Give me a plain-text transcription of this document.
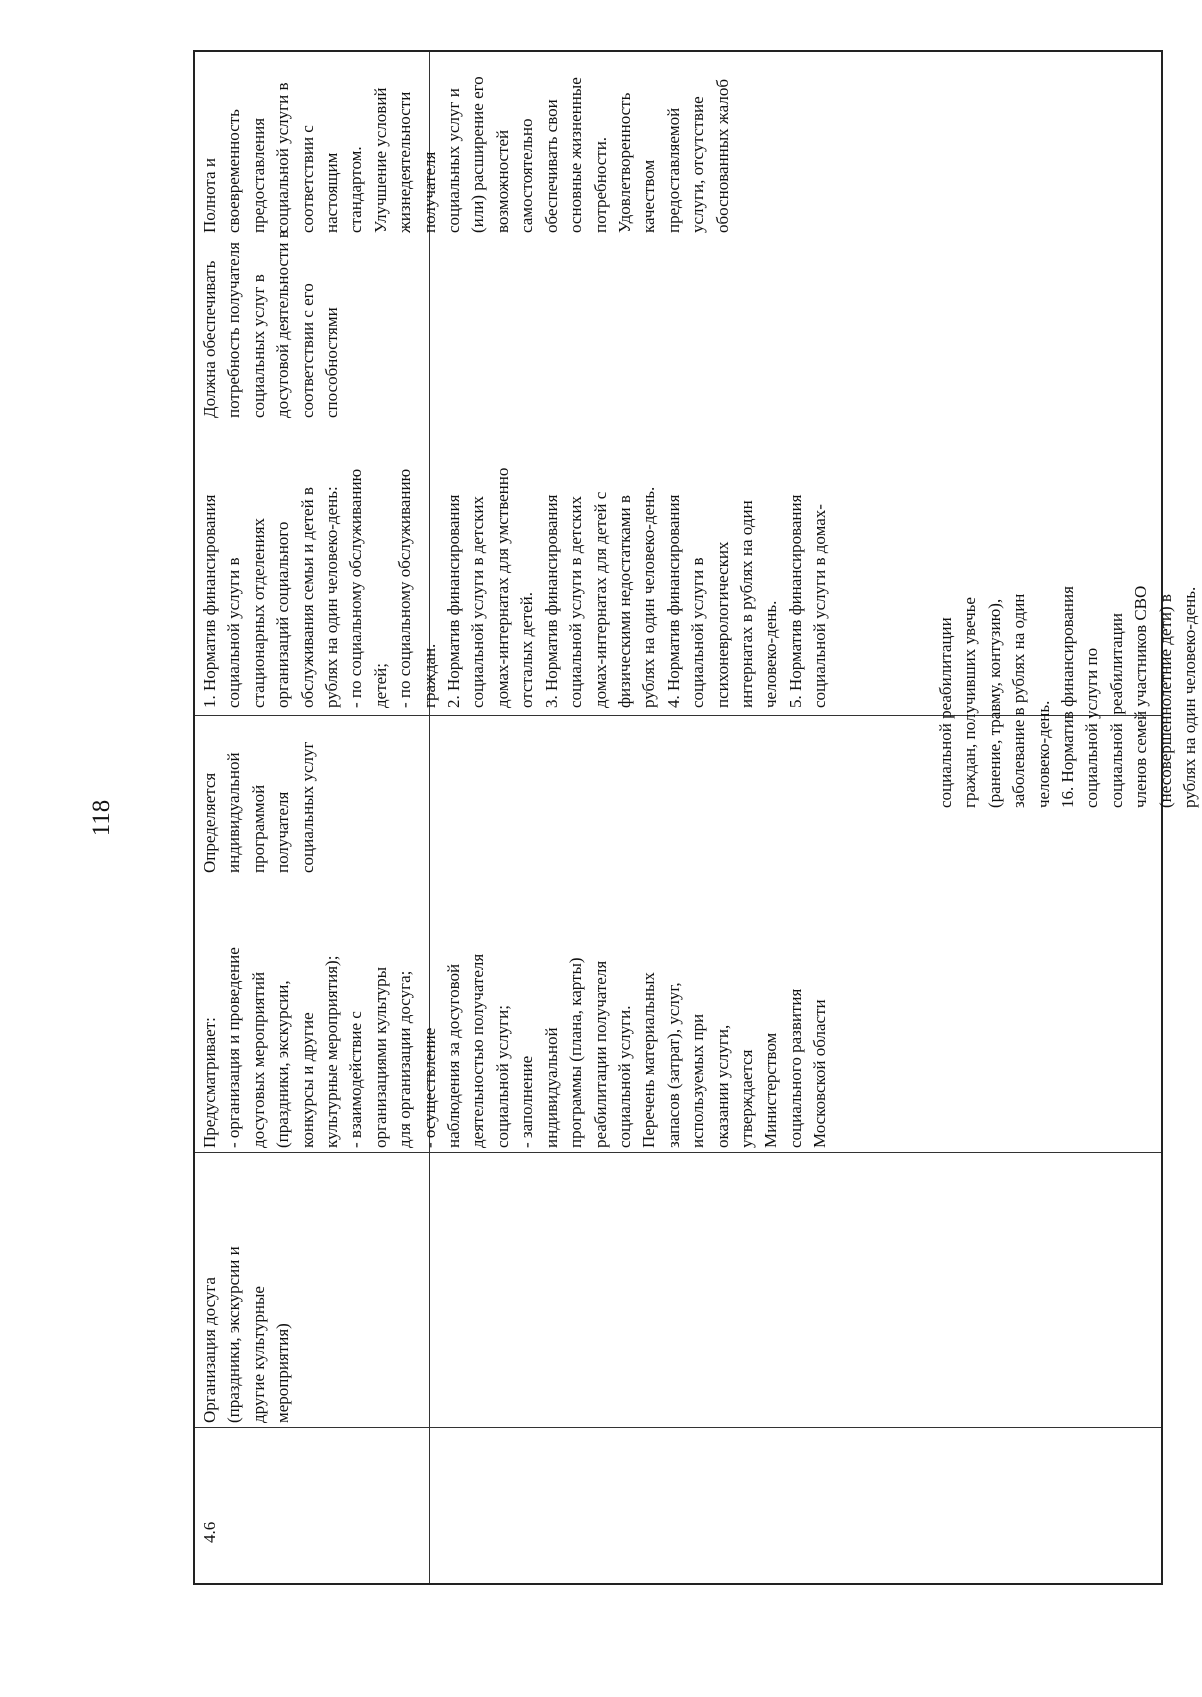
118
социальной реабилитации
граждан, получивших увечье
(ранение, травму, контузию),
заболевание в рублях на один
человеко-день.
16. Норматив финансирования
социальной услуги по
социальной  реабилитации
членов семей участников СВО
(несовершеннолетние дети) в
рублях на один человеко-день.
4.6
Организация досуга
(праздники, экскурсии и
другие культурные
мероприятия)
Предусматривает:
- организация и проведение
досуговых мероприятий
(праздники, экскурсии,
конкурсы и другие
культурные мероприятия);
- взаимодействие с
организациями культуры
для организации досуга;
- осуществление
наблюдения за досуговой
деятельностью получателя
социальной услуги;
- заполнение
индивидуальной
программы (плана, карты)
реабилитации получателя
социальной услуги.
Перечень материальных
запасов (затрат), услуг,
используемых при
оказании услуги,
утверждается
Министерством
социального развития
Московской области
Определяется
индивидуальной
программой
получателя
социальных услуг
1. Норматив финансирования
социальной услуги в
стационарных отделениях
организаций социального
обслуживания семьи и детей в
рублях на один человеко-день:
- по социальному обслуживанию
детей;
- по социальному обслуживанию
граждан.
2. Норматив финансирования
социальной услуги в детских
домах-интернатах для умственно
отсталых детей.
3. Норматив финансирования
социальной услуги в детских
домах-интернатах для детей с
физическими недостатками в
рублях на один человеко-день.
4. Норматив финансирования
социальной услуги в
психоневрологических
интернатах в рублях на один
человеко-день.
5. Норматив финансирования
социальной услуги в домах-
Должна обеспечивать
потребность получателя
социальных услуг в
досуговой деятельности в
соответствии с его
способностями
Полнота и
своевременность
предоставления
социальной услуги в
соответствии с
настоящим
стандартом.
Улучшение условий
жизнедеятельности
получателя
социальных услуг и
(или) расширение его
возможностей
самостоятельно
обеспечивать свои
основные жизненные
потребности.
Удовлетворенность
качеством
предоставляемой
услуги, отсутствие
обоснованных жалоб
